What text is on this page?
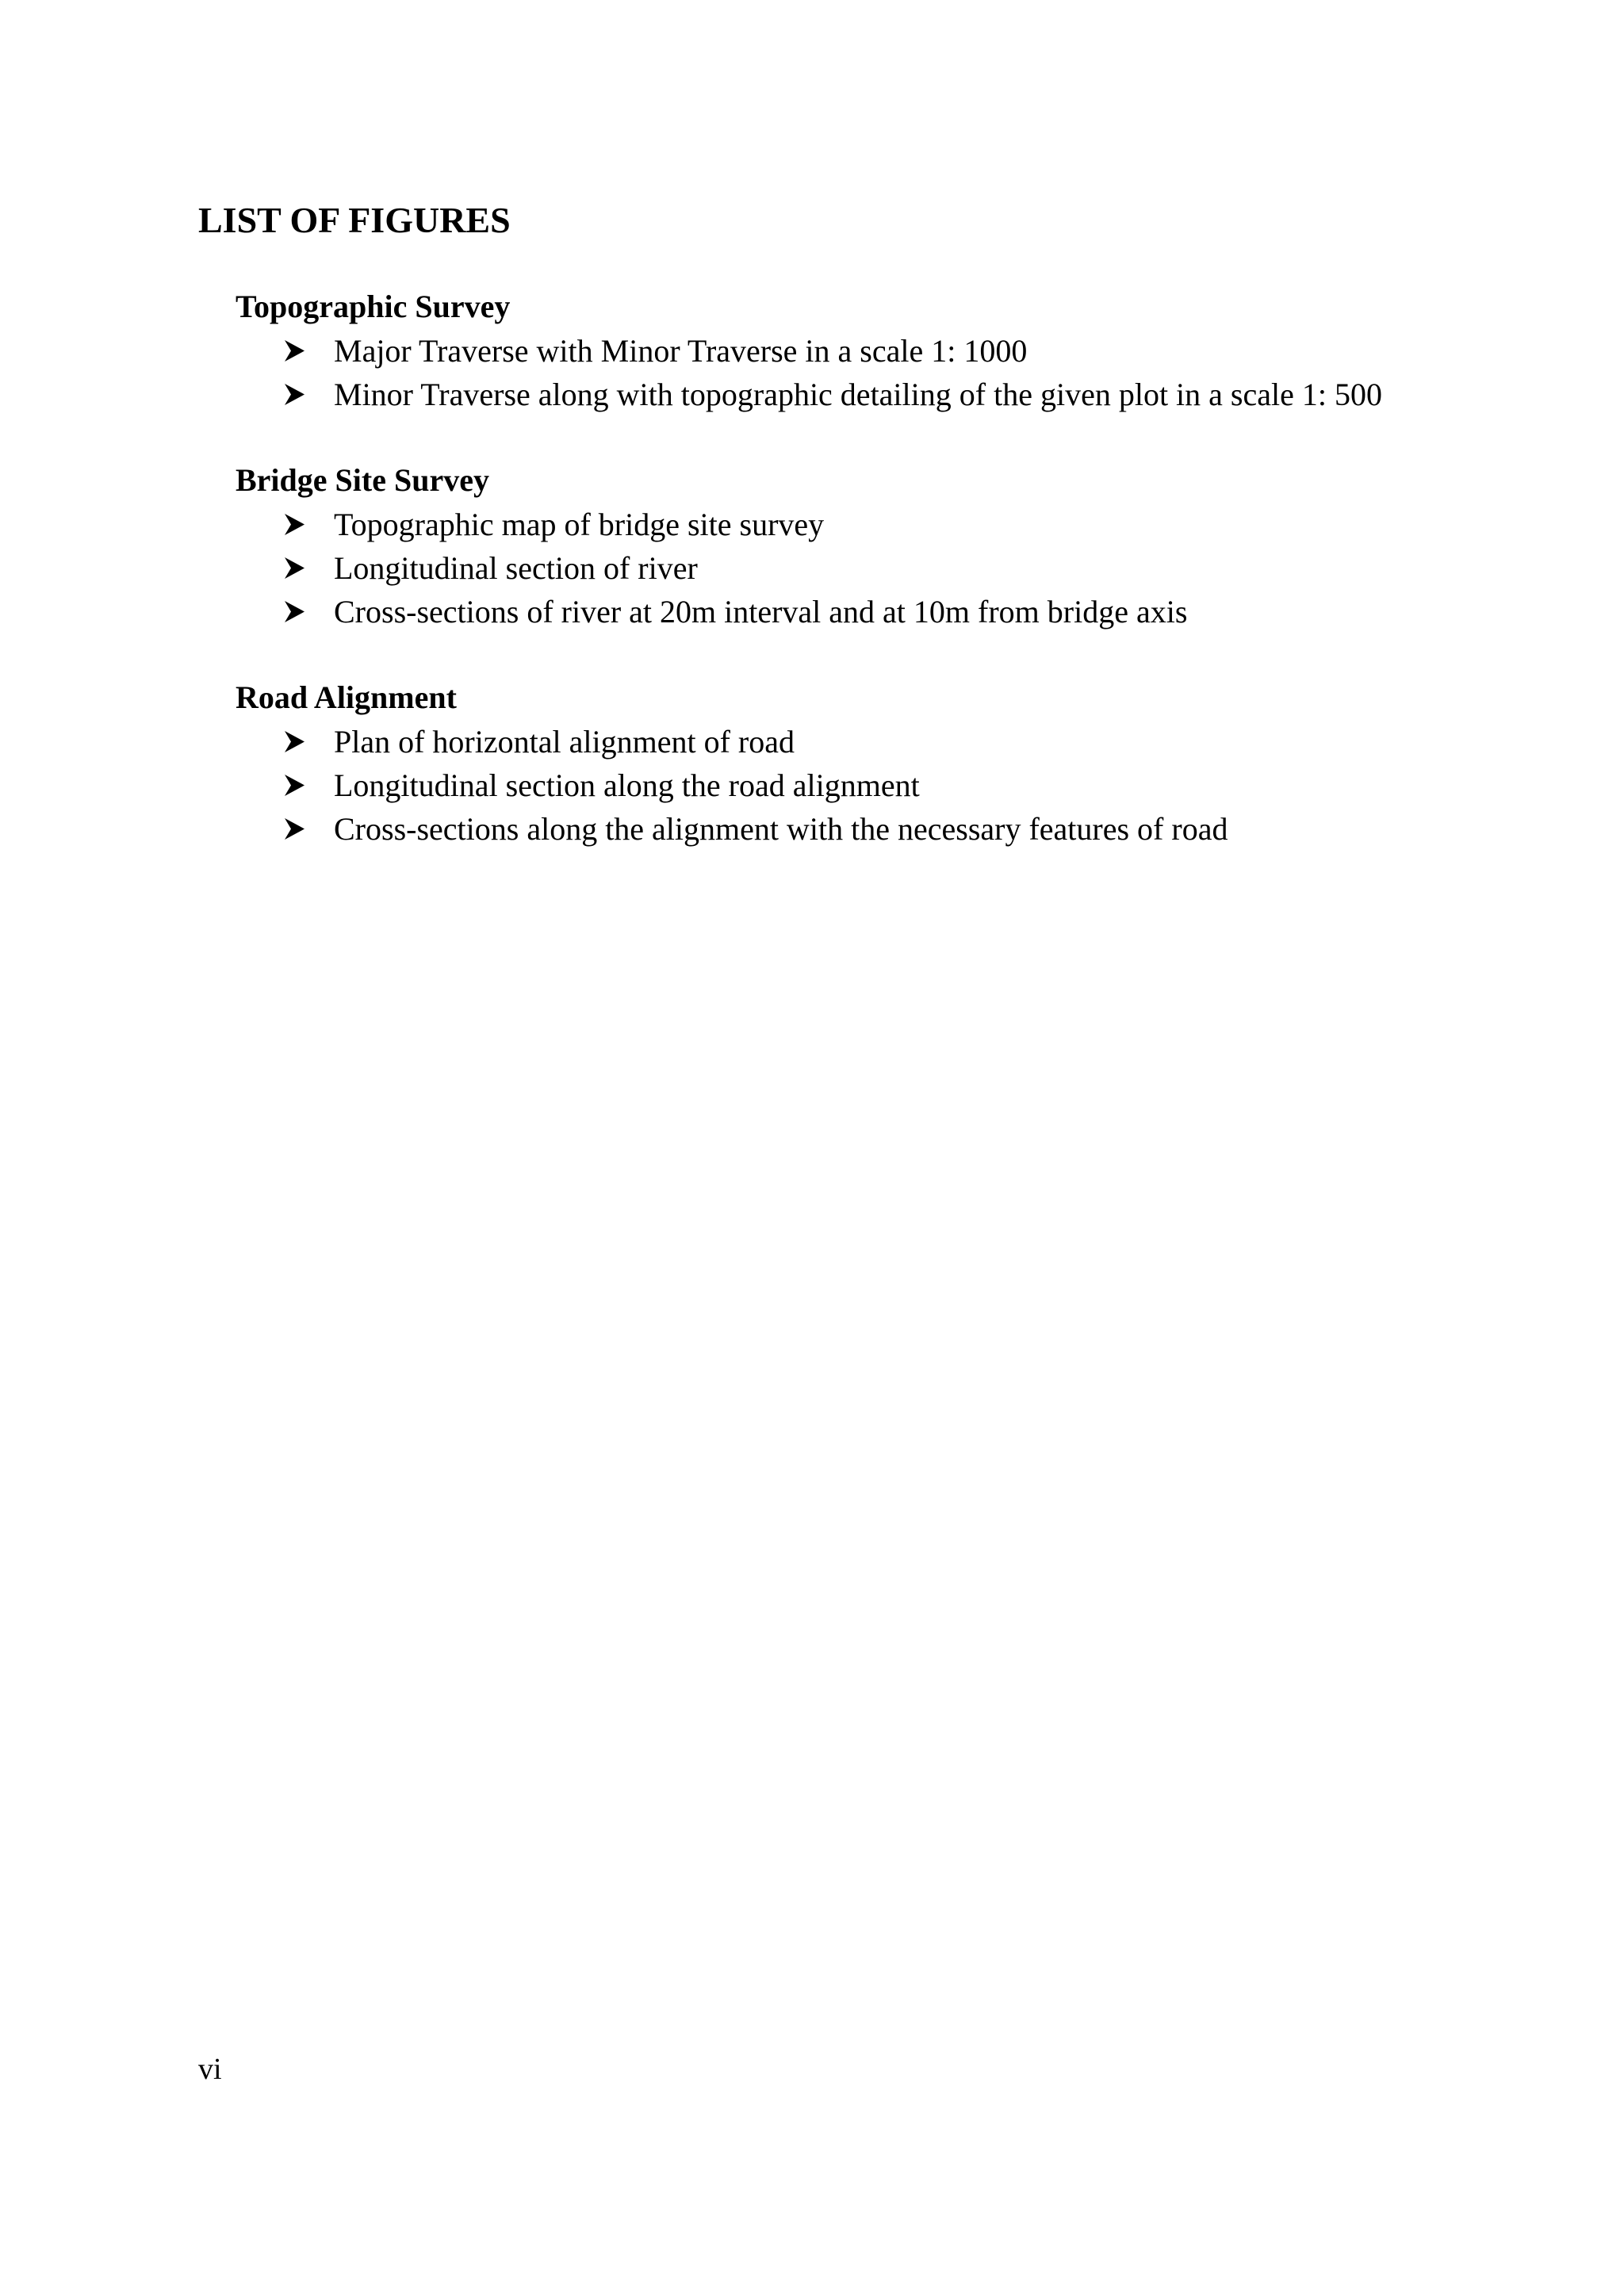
LIST OF FIGURES
Topographic Survey
Major Traverse with Minor Traverse in a scale 1: 1000
Minor Traverse along with topographic detailing of the given plot in a scale 1: 500
Bridge Site Survey
Topographic map of bridge site survey
Longitudinal section of river
Cross-sections of river at 20m interval and at 10m from bridge axis
Road Alignment
Plan of horizontal alignment of road
Longitudinal section along the road alignment
Cross-sections along the alignment with the necessary features of road
vi
